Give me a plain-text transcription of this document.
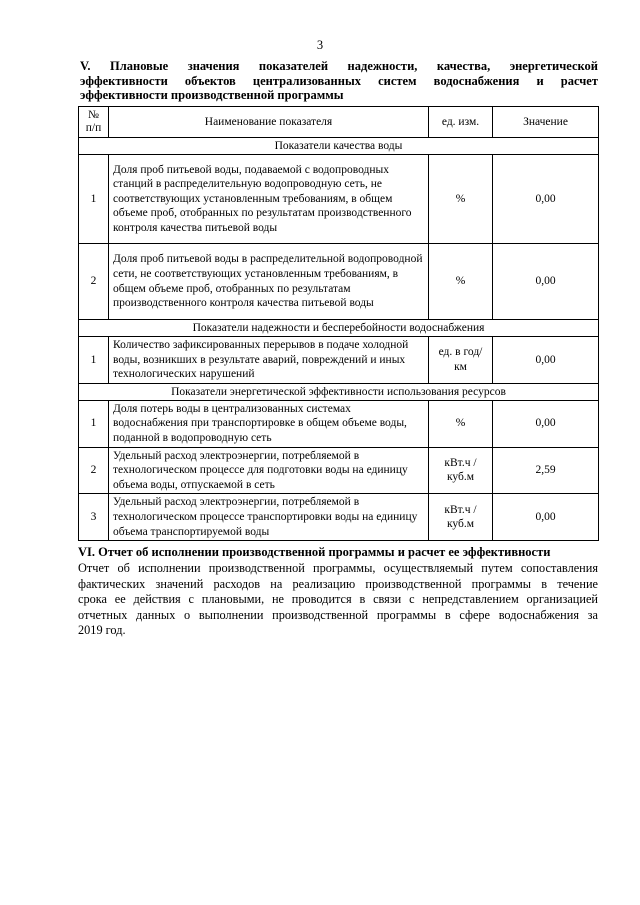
3
V. Плановые значения показателей надежности, качества, энергетической
эффективности объектов централизованных систем водоснабжения и расчет
эффективности производственной программы
№ п/п	Наименование показателя	ед. изм.	Значение
Показатели качества воды			
1	Доля проб питьевой воды, подаваемой с водопроводных станций в распределительную водопроводную сеть, не соответствующих установленным требованиям, в общем объеме проб, отобранных по результатам производственного контроля качества питьевой воды	%	0,00
2	Доля проб питьевой воды в распределительной водопроводной сети, не соответствующих установленным требованиям, в общем объеме проб, отобранных по результатам производственного контроля качества питьевой воды	%	0,00
Показатели надежности и бесперебойности водоснабжения			
1	Количество зафиксированных перерывов в подаче холодной воды, возникших в результате аварий, повреждений и иных технологических нарушений	ед. в год/ км	0,00
Показатели энергетической эффективности использования ресурсов			
1	Доля потерь воды в централизованных системах водоснабжения при транспортировке в общем объеме воды, поданной в водопроводную сеть	%	0,00
2	Удельный расход электроэнергии, потребляемой в технологическом процессе для подготовки воды на единицу объема воды, отпускаемой в сеть	кВт.ч / куб.м	2,59
3	Удельный расход электроэнергии, потребляемой в технологическом процессе транспортировки воды на единицу объема транспортируемой воды	кВт.ч / куб.м	0,00
VI. Отчет об исполнении производственной программы и расчет ее эффективности
Отчет об исполнении производственной программы, осуществляемый путем сопоставления
фактических значений расходов на реализацию производственной программы в течение
срока ее действия с плановыми, не проводится в связи с непредставлением организацией
отчетных данных о выполнении производственной программы в сфере водоснабжения за
2019 год.
